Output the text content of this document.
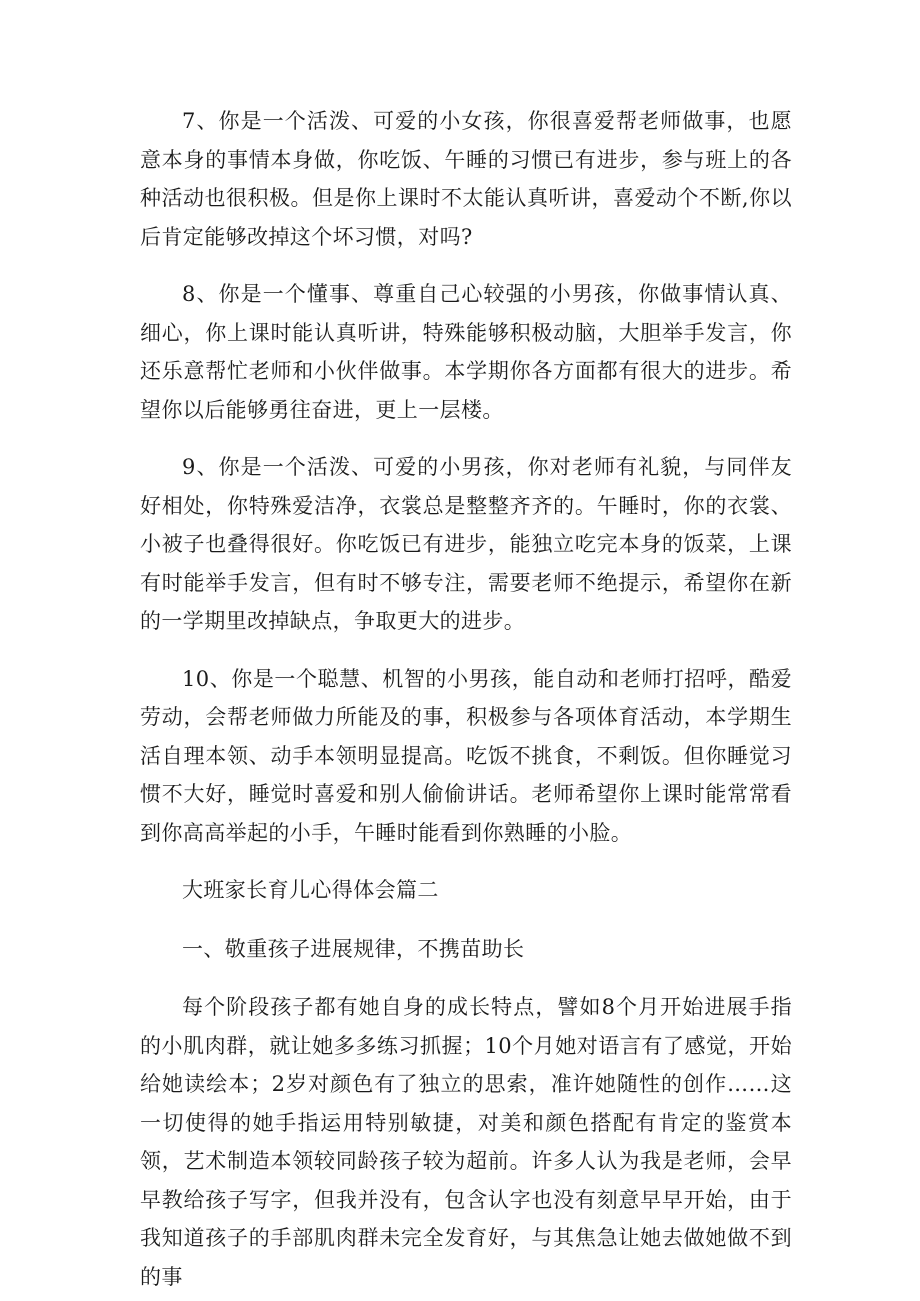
7、你是一个活泼、可爱的小女孩，你很喜爱帮老师做事，也愿意本身的事情本身做，你吃饭、午睡的习惯已有进步，参与班上的各种活动也很积极。但是你上课时不太能认真听讲，喜爱动个不断,你以后肯定能够改掉这个坏习惯，对吗?

8、你是一个懂事、尊重自己心较强的小男孩，你做事情认真、细心，你上课时能认真听讲，特殊能够积极动脑，大胆举手发言，你还乐意帮忙老师和小伙伴做事。本学期你各方面都有很大的进步。希望你以后能够勇往奋进，更上一层楼。

9、你是一个活泼、可爱的小男孩，你对老师有礼貌，与同伴友好相处，你特殊爱洁净，衣裳总是整整齐齐的。午睡时，你的衣裳、小被子也叠得很好。你吃饭已有进步，能独立吃完本身的饭菜，上课有时能举手发言，但有时不够专注，需要老师不绝提示，希望你在新的一学期里改掉缺点，争取更大的进步。

10、你是一个聪慧、机智的小男孩，能自动和老师打招呼，酷爱劳动，会帮老师做力所能及的事，积极参与各项体育活动，本学期生活自理本领、动手本领明显提高。吃饭不挑食，不剩饭。但你睡觉习惯不大好，睡觉时喜爱和别人偷偷讲话。老师希望你上课时能常常看到你高高举起的小手，午睡时能看到你熟睡的小脸。

大班家长育儿心得体会篇二

一、敬重孩子进展规律，不携苗助长

每个阶段孩子都有她自身的成长特点，譬如8个月开始进展手指的小肌肉群，就让她多多练习抓握；10个月她对语言有了感觉，开始给她读绘本；2岁对颜色有了独立的思索，准许她随性的创作……这一切使得的她手指运用特别敏捷，对美和颜色搭配有肯定的鉴赏本领，艺术制造本领较同龄孩子较为超前。许多人认为我是老师，会早早教给孩子写字，但我并没有，包含认字也没有刻意早早开始，由于我知道孩子的手部肌肉群未完全发育好，与其焦急让她去做她做不到的事
